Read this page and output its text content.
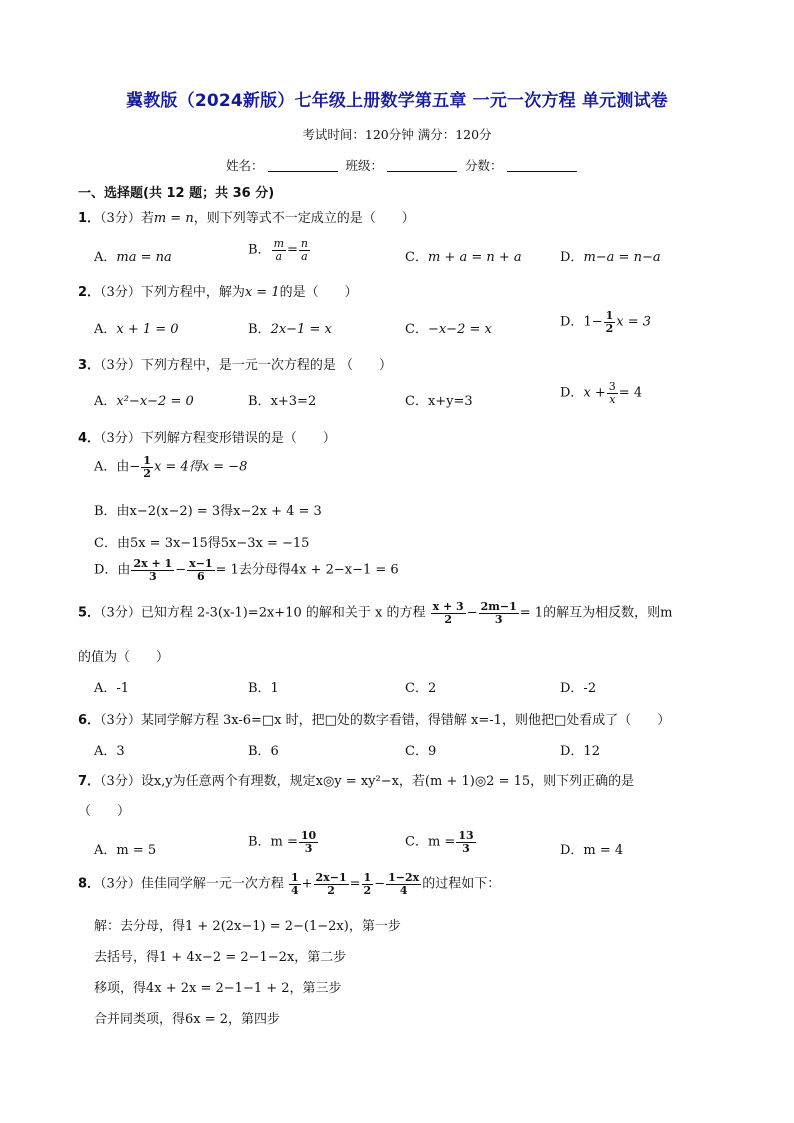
冀教版（2024新版）七年级上册数学第五章 一元一次方程 单元测试卷
考试时间：120分钟 满分：120分
姓名：	班级：	分数：
一、选择题(共 12 题；共 36 分)
1．（3分）若m = n，则下列等式不一定成立的是（　　）
A．ma = na	B． $\frac{m}{a} = \frac{n}{a}$	C．m + a = n + a	D．m−a = n−a
2．（3分）下列方程中，解为x = 1的是（　　）
A．x + 1 = 0	B．2x−1 = x	C．−x−2 = x	D．$1- \frac{1}{2}$ x = 3
3．（3分）下列方程中，是一元一次方程的是 （　　）
A．x²−x−2 = 0	B．x+3=2	C．x+y=3
D．$x + \frac{3}{x} = 4$
4．（3分）下列解方程变形错误的是（　　）
A．由− $\frac{1}{2}$ x = 4得x = −8
B．由x−2(x−2) = 3得x−2x + 4 = 3
C．由5x = 3x−15得5x−3x = −15
D．由 $\frac{2x + 1}{3} - \frac{x-1}{6} = 1$去分母得4x + 2−x−1 = 6
5．（3分）已知方程 2-3(x-1)=2x+10 的解和关于 x 的方程 $\frac{x + 3}{2} - \frac{2m-1}{3} = 1$的解互为相反数，则m
的值为（　　）
A．-1	B．1	C．2	D．-2
6．（3分）某同学解方程 3x-6=□x 时，把□处的数字看错，得错解 x=-1，则他把□处看成了（　　）
A．3	B．6	C．9	D．12
7．（3分）设x,y为任意两个有理数，规定x◎y = xy²−x，若(m + 1)◎2 = 15，则下列正确的是
（　　）
A．m = 5
B．$m = \frac{10}{3}$	C．$m = \frac{13}{3}$	D．m = 4
8．（3分）佳佳同学解一元一次方程 $\frac{1}{4} + \frac{2x-1}{2} = \frac{1}{2} - \frac{1-2x}{4}$ 的过程如下：
解：去分母，得1 + 2(2x−1) = 2−(1−2x)，第一步
去括号，得1 + 4x−2 = 2−1−2x，第二步
移项，得4x + 2x = 2−1−1 + 2，第三步
合并同类项，得6x = 2，第四步
